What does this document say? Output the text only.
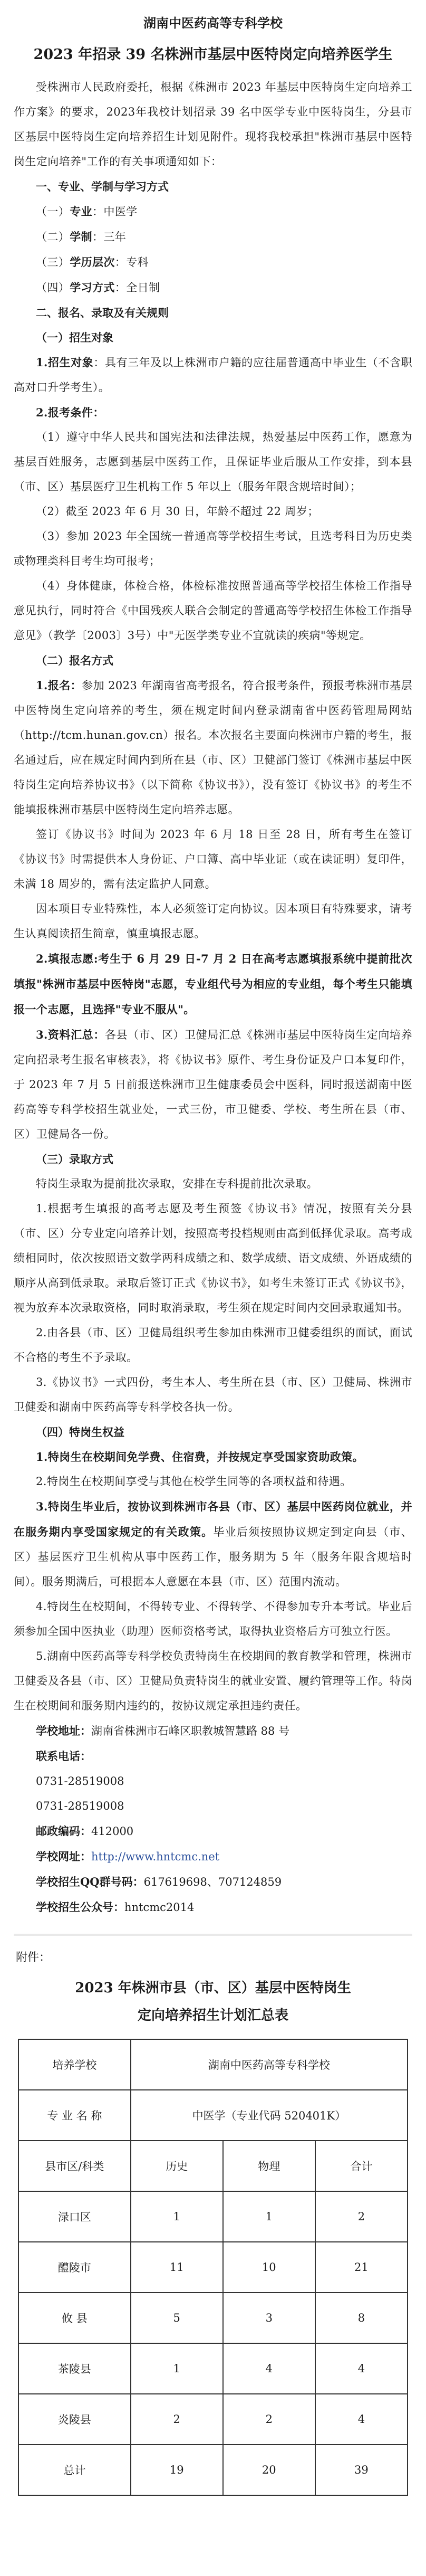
湖南中医药高等专科学校
2023 年招录 39 名株洲市基层中医特岗定向培养医学生

受株洲市人民政府委托，根据《株洲市 2023 年基层中医特岗生定向培养工作方案》的要求，2023年我校计划招录 39 名中医学专业中医特岗生，分县市区基层中医特岗生定向培养招生计划见附件。现将我校承担"株洲市基层中医特岗生定向培养"工作的有关事项通知如下：

一、专业、学制与学习方式

（一）专业：中医学

（二）学制：三年

（三）学历层次：专科

（四）学习方式：全日制

二、报名、录取及有关规则

（一）招生对象

1.招生对象：具有三年及以上株洲市户籍的应往届普通高中毕业生（不含职高对口升学考生）。

2.报考条件：

（1）遵守中华人民共和国宪法和法律法规，热爱基层中医药工作，愿意为基层百姓服务，志愿到基层中医药工作，且保证毕业后服从工作安排，到本县（市、区）基层医疗卫生机构工作 5 年以上（服务年限含规培时间）；

（2）截至 2023 年 6 月 30 日，年龄不超过 22 周岁；

（3）参加 2023 年全国统一普通高等学校招生考试，且选考科目为历史类或物理类科目考生均可报考；

（4）身体健康，体检合格，体检标准按照普通高等学校招生体检工作指导意见执行，同时符合《中国残疾人联合会制定的普通高等学校招生体检工作指导意见》（教学〔2003〕3号）中"无医学类专业不宜就读的疾病"等规定。

（二）报名方式

1.报名：参加 2023 年湖南省高考报名，符合报考条件，预报考株洲市基层中医特岗生定向培养的考生，须在规定时间内登录湖南省中医药管理局网站（http://tcm.hunan.gov.cn）报名。本次报名主要面向株洲市户籍的考生，报名通过后，应在规定时间内到所在县（市、区）卫健部门签订《株洲市基层中医特岗生定向培养协议书》（以下简称《协议书》），没有签订《协议书》的考生不能填报株洲市基层中医特岗生定向培养志愿。

签订《协议书》时间为 2023 年 6 月 18 日至 28 日，所有考生在签订《协议书》时需提供本人身份证、户口簿、高中毕业证（或在读证明）复印件，未满 18 周岁的，需有法定监护人同意。

因本项目专业特殊性，本人必须签订定向协议。因本项目有特殊要求，请考生认真阅读招生简章，慎重填报志愿。

2.填报志愿:考生于 6 月 29 日-7 月 2 日在高考志愿填报系统中提前批次填报"株洲市基层中医特岗"志愿，专业组代号为相应的专业组，每个考生只能填报一个志愿，且选择"专业不服从"。

3.资料汇总：各县（市、区）卫健局汇总《株洲市基层中医特岗生定向培养定向招录考生报名审核表》，将《协议书》原件、考生身份证及户口本复印件，于 2023 年 7 月 5 日前报送株洲市卫生健康委员会中医科，同时报送湖南中医药高等专科学校招生就业处，一式三份，市卫健委、学校、考生所在县（市、区）卫健局各一份。

（三）录取方式

特岗生录取为提前批次录取，安排在专科提前批次录取。

1.根据考生填报的高考志愿及考生预签《协议书》情况，按照有关分县（市、区）分专业定向培养计划，按照高考投档规则由高到低择优录取。高考成绩相同时，依次按照语文数学两科成绩之和、数学成绩、语文成绩、外语成绩的顺序从高到低录取。录取后签订正式《协议书》，如考生未签订正式《协议书》，视为放弃本次录取资格，同时取消录取，考生须在规定时间内交回录取通知书。

2.由各县（市、区）卫健局组织考生参加由株洲市卫健委组织的面试，面试不合格的考生不予录取。

3.《协议书》一式四份，考生本人、考生所在县（市、区）卫健局、株洲市卫健委和湖南中医药高等专科学校各执一份。

（四）特岗生权益

1.特岗生在校期间免学费、住宿费，并按规定享受国家资助政策。

2.特岗生在校期间享受与其他在校学生同等的各项权益和待遇。

3.特岗生毕业后，按协议到株洲市各县（市、区）基层中医药岗位就业，并在服务期内享受国家规定的有关政策。毕业后须按照协议规定到定向县（市、区）基层医疗卫生机构从事中医药工作，服务期为 5 年（服务年限含规培时间）。服务期满后，可根据本人意愿在本县（市、区）范围内流动。

4.特岗生在校期间，不得转专业、不得转学、不得参加专升本考试。毕业后须参加全国中医执业（助理）医师资格考试，取得执业资格后方可独立行医。

5.湖南中医药高等专科学校负责特岗生在校期间的教育教学和管理，株洲市卫健委及各县（市、区）卫健局负责特岗生的就业安置、履约管理等工作。特岗生在校期间和服务期内违约的，按协议规定承担违约责任。

学校地址：湖南省株洲市石峰区职教城智慧路 88 号

联系电话：

0731-28519008

0731-28519008

邮政编码：412000

学校网址：http://www.hntcmc.net

学校招生QQ群号码：617619698、707124859

学校招生公众号：hntcmc2014

附件：

2023 年株洲市县（市、区）基层中医特岗生

定向培养招生计划汇总表

培养学校	湖南中医药高等专科学校		
专 业 名 称	中医学（专业代码 520401K）		
县市区/科类	历史	物理	合计
渌口区	1	1	2
醴陵市	11	10	21
攸 县	5	3	8
茶陵县	1	4	4
炎陵县	2	2	4
总计	19	20	39
